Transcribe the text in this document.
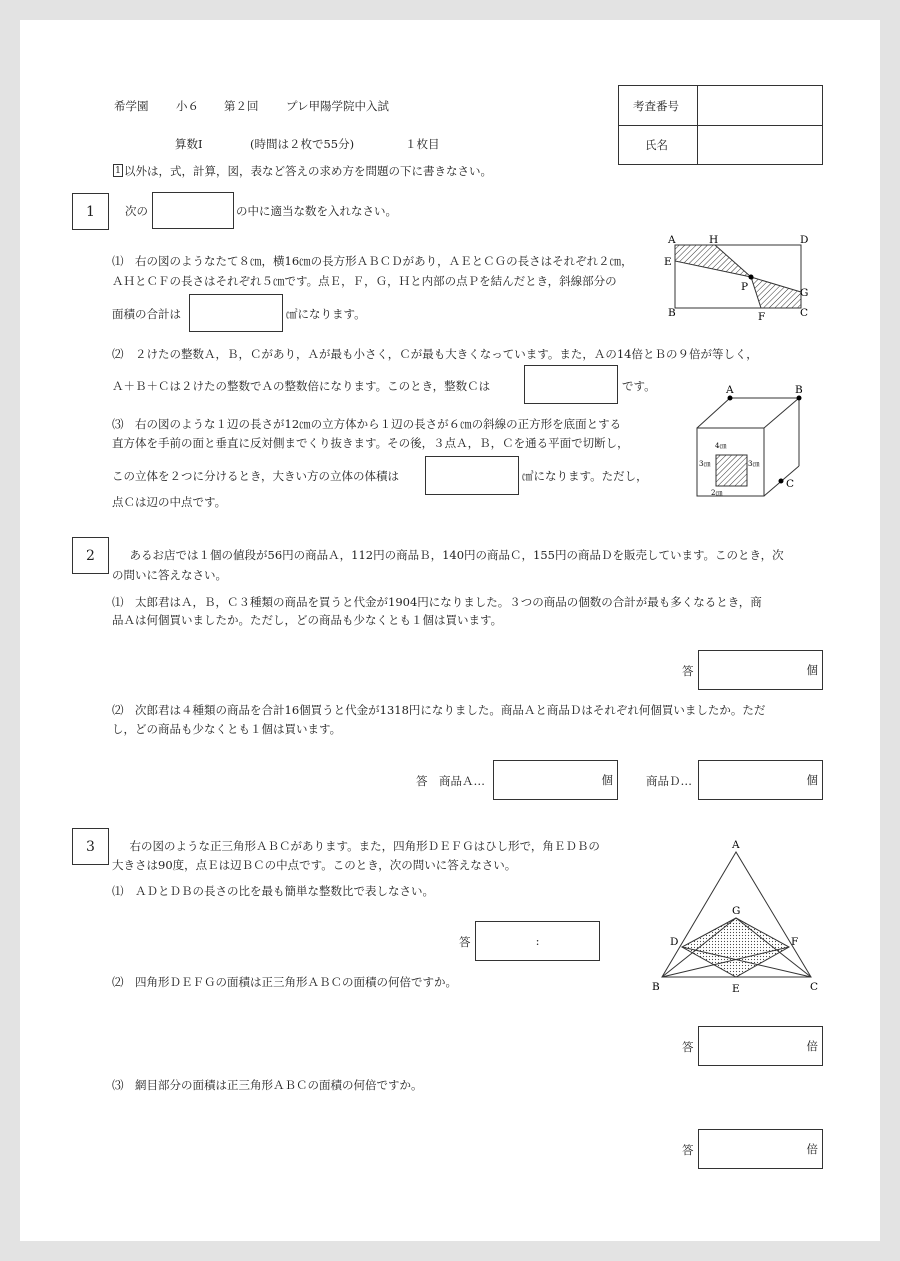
希学園 小６ 第２回 プレ甲陽学院中入試
算数Ⅰ	(時間は２枚で55分)	１枚目
考査番号
氏名
1 以外は，式，計算，図，表など答えの求め方を問題の下に書きなさい。
1	次の	の中に適当な数を入れなさい。
⑴　右の図のようなたて８㎝，横16㎝の長方形ＡＢＣＤがあり，ＡＥとＣＧの長さはそれぞれ２㎝，
ＡＨとＣＦの長さはそれぞれ５㎝です。点Ｅ，Ｆ，Ｇ，Ｈと内部の点Ｐを結んだとき，斜線部分の
面積の合計は	㎠になります。
A	H	D
E
P	G
B	F	C
⑵　２けたの整数Ａ，Ｂ，Ｃがあり，Ａが最も小さく，Ｃが最も大きくなっています。また，Ａの14倍とＢの９倍が等しく，
Ａ＋Ｂ＋Ｃは２けたの整数でＡの整数倍になります。このとき，整数Ｃは	です。
⑶　右の図のような１辺の長さが12㎝の立方体から１辺の長さが６㎝の斜線の正方形を底面とする
直方体を手前の面と垂直に反対側までくり抜きます。その後，３点Ａ，Ｂ，Ｃを通る平面で切断し，
この立体を２つに分けるとき，大きい方の立体の体積は	㎤になります。ただし，
点Ｃは辺の中点です。
A	B
C
4㎝
3㎝	3㎝
2㎝
2	　あるお店では１個の値段が56円の商品Ａ，112円の商品Ｂ，140円の商品Ｃ，155円の商品Ｄを販売しています。このとき，次
の問いに答えなさい。
⑴　太郎君はＡ，Ｂ，Ｃ３種類の商品を買うと代金が1904円になりました。３つの商品の個数の合計が最も多くなるとき，商
品Ａは何個買いましたか。ただし，どの商品も少なくとも１個は買います。
答	個
⑵　次郎君は４種類の商品を合計16個買うと代金が1318円になりました。商品Ａと商品Ｄはそれぞれ何個買いましたか。ただ
し，どの商品も少なくとも１個は買います。
答　商品Ａ…	個	商品Ｄ…	個
3	　右の図のような正三角形ＡＢＣがあります。また，四角形ＤＥＦＧはひし形で，角ＥＤＢの
大きさは90度，点Ｅは辺ＢＣの中点です。このとき，次の問いに答えなさい。
⑴　ＡＤとＤＢの長さの比を最も簡単な整数比で表しなさい。
答	:
⑵　四角形ＤＥＦＧの面積は正三角形ＡＢＣの面積の何倍ですか。
答	倍
⑶　網目部分の面積は正三角形ＡＢＣの面積の何倍ですか。
答	倍
A
G
D	F
B	E	C
